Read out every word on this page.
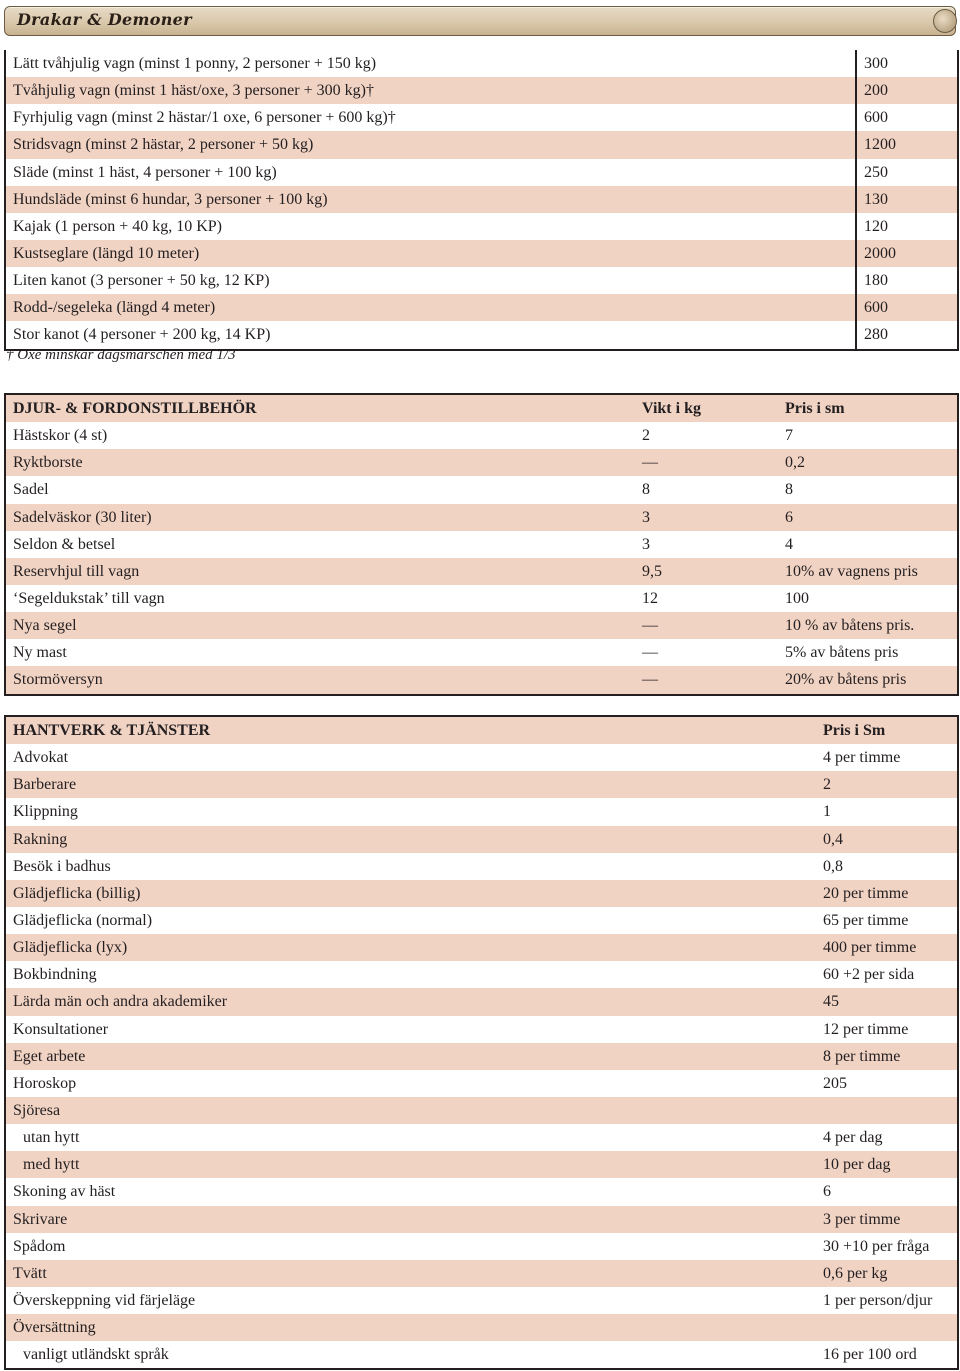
Drakar & Demoner
Lätt tvåhjulig vagn (minst 1 ponny, 2 personer + 150 kg)	300
Tvåhjulig vagn (minst 1 häst/oxe, 3 personer + 300 kg)†	200
Fyrhjulig vagn (minst 2 hästar/1 oxe, 6 personer + 600 kg)†	600
Stridsvagn (minst 2 hästar, 2 personer + 50 kg)	1200
Släde (minst 1 häst, 4 personer + 100 kg)	250
Hundsläde (minst 6 hundar, 3 personer + 100 kg)	130
Kajak (1 person + 40 kg, 10 KP)	120
Kustseglare (längd 10 meter)	2000
Liten kanot (3 personer + 50 kg, 12 KP)	180
Rodd-/segeleka (längd 4 meter)	600
Stor kanot (4 personer + 200 kg, 14 KP)	280
† Oxe minskar dagsmarschen med 1/3
DJUR- & FORDONSTILLBEHÖR	Vikt i kg	Pris i sm
Hästskor (4 st)	2	7
Ryktborste	—	0,2
Sadel	8	8
Sadelväskor (30 liter)	3	6
Seldon & betsel	3	4
Reservhjul till vagn	9,5	10% av vagnens pris
‘Segeldukstak’ till vagn	12	100
Nya segel	—	10 % av båtens pris.
Ny mast	—	5% av båtens pris
Stormöversyn	—	20% av båtens pris
HANTVERK & TJÄNSTER	Pris i Sm
Advokat	4 per timme
Barberare	2
Klippning	1
Rakning	0,4
Besök i badhus	0,8
Glädjeflicka (billig)	20 per timme
Glädjeflicka (normal)	65 per timme
Glädjeflicka (lyx)	400 per timme
Bokbindning	60 +2 per sida
Lärda män och andra akademiker	45
Konsultationer	12 per timme
Eget arbete	8 per timme
Horoskop	205
Sjöresa	
utan hytt	4 per dag
med hytt	10 per dag
Skoning av häst	6
Skrivare	3 per timme
Spådom	30 +10 per fråga
Tvätt	0,6 per kg
Överskeppning vid färjeläge	1 per person/djur
Översättning	
vanligt utländskt språk	16 per 100 ord
